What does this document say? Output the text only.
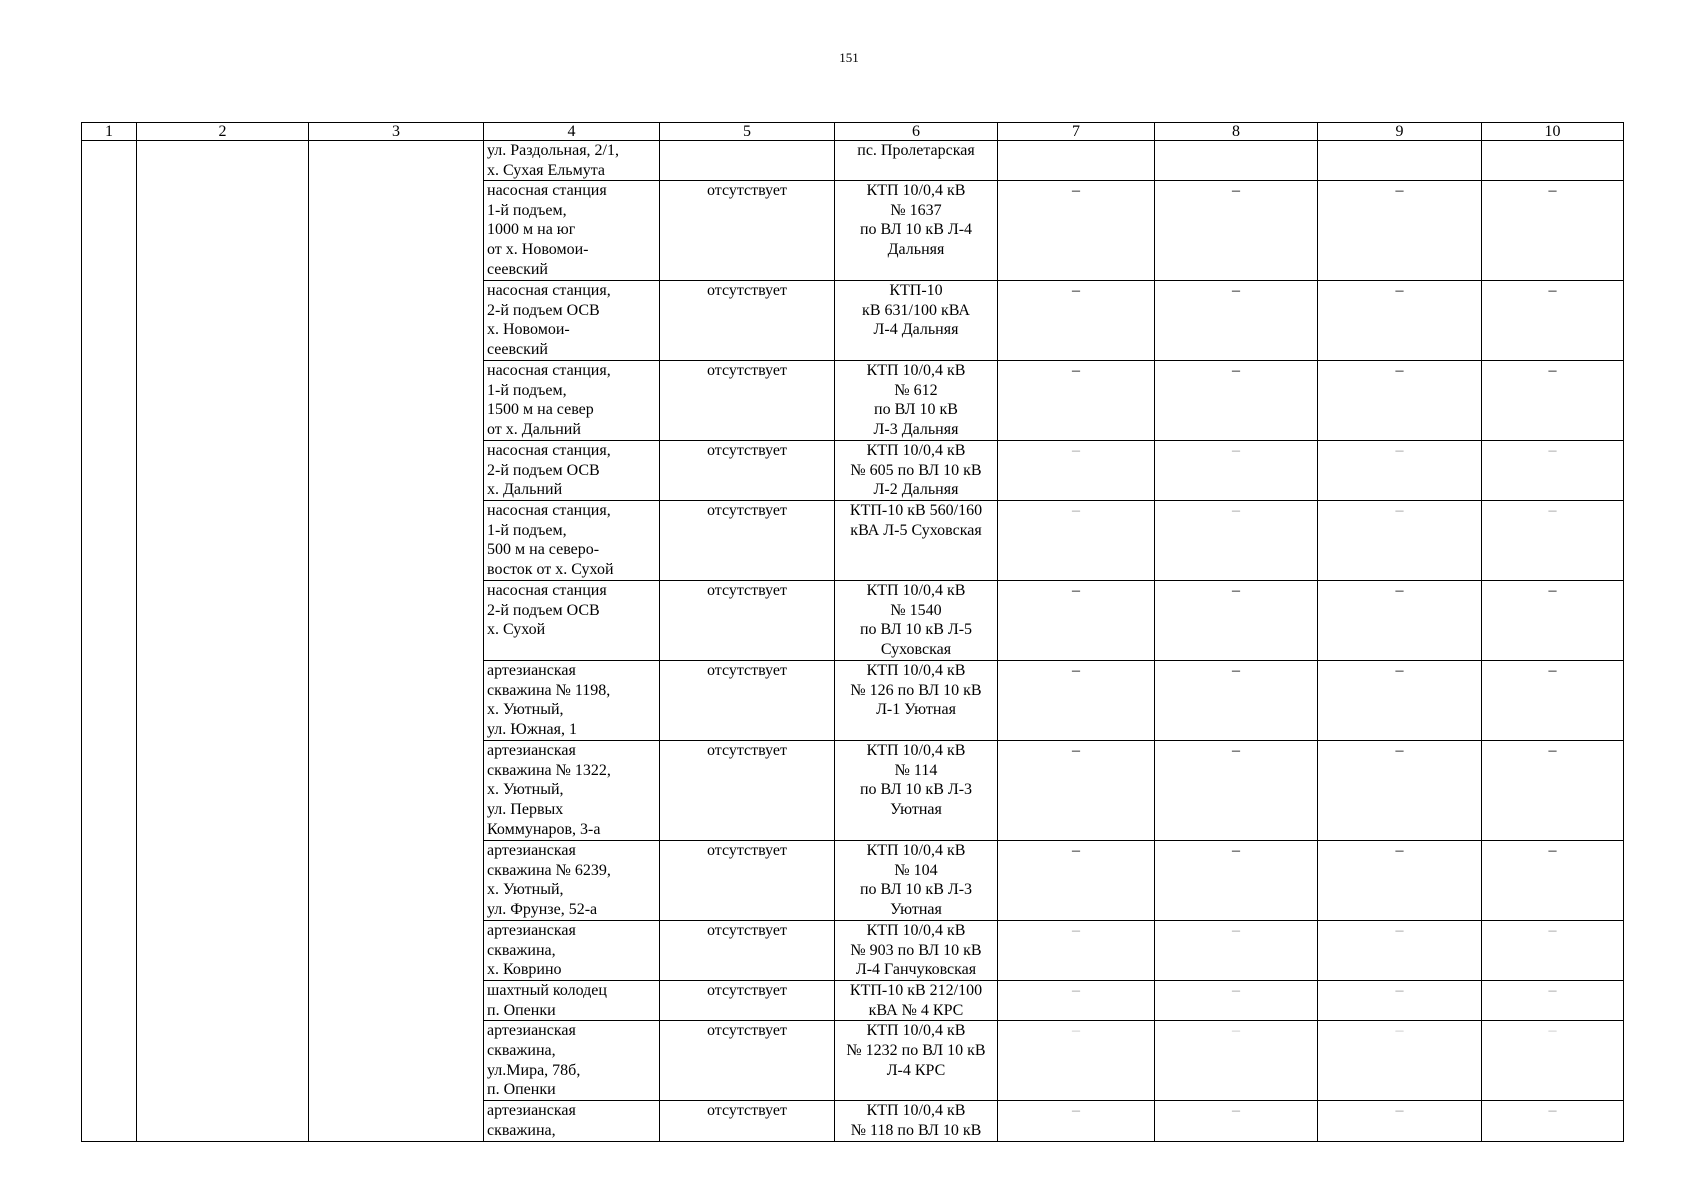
151
1	2	3	4	5	6	7	8	9	10

			ул. Раздольная, 2/1,
х. Сухая Ельмута		пс. Пролетарская				

			насосная станция
1-й подъем,
1000 м на юг
от х. Новомои-
сеевский	отсутствует	КТП 10/0,4 кВ
№ 1637
по ВЛ 10 кВ Л-4
Дальняя	–	–	–	–

			насосная станция,
2-й подъем ОСВ
х. Новомои-
сеевский	отсутствует	КТП-10
кВ 631/100 кВА
Л-4 Дальняя	–	–	–	–

			насосная станция,
1-й подъем,
1500 м на север
от х. Дальний	отсутствует	КТП 10/0,4 кВ
№ 612
по ВЛ 10 кВ
Л-3 Дальняя	–	–	–	–

			насосная станция,
2-й подъем ОСВ
х. Дальний	отсутствует	КТП 10/0,4 кВ
№ 605 по ВЛ 10 кВ
Л-2 Дальняя	–	–	–	–

			насосная станция,
1-й подъем,
500 м на северо-
восток от х. Сухой	отсутствует	КТП-10 кВ 560/160
кВА Л-5 Суховская	–	–	–	–

			насосная станция
2-й подъем ОСВ
х. Сухой	отсутствует	КТП 10/0,4 кВ
№ 1540
по ВЛ 10 кВ Л-5
Суховская	–	–	–	–

			артезианская
скважина № 1198,
х. Уютный,
ул. Южная, 1	отсутствует	КТП 10/0,4 кВ
№ 126 по ВЛ 10 кВ
Л-1 Уютная	–	–	–	–

			артезианская
скважина № 1322,
х. Уютный,
ул. Первых
Коммунаров, 3-а	отсутствует	КТП 10/0,4 кВ
№ 114
по ВЛ 10 кВ Л-3
Уютная	–	–	–	–

			артезианская
скважина № 6239,
х. Уютный,
ул. Фрунзе, 52-а	отсутствует	КТП 10/0,4 кВ
№ 104
по ВЛ 10 кВ Л-3
Уютная	–	–	–	–

			артезианская
скважина,
х. Коврино	отсутствует	КТП 10/0,4 кВ
№ 903 по ВЛ 10 кВ
Л-4 Ганчуковская	–	–	–	–

			шахтный колодец
п. Опенки	отсутствует	КТП-10 кВ 212/100
кВА № 4 КРС	–	–	–	–

			артезианская
скважина,
ул.Мира, 78б,
п. Опенки	отсутствует	КТП 10/0,4 кВ
№ 1232 по ВЛ 10 кВ
Л-4 КРС	–	–	–	–

			артезианская
скважина,	отсутствует	КТП 10/0,4 кВ
№ 118 по ВЛ 10 кВ	–	–	–	–
